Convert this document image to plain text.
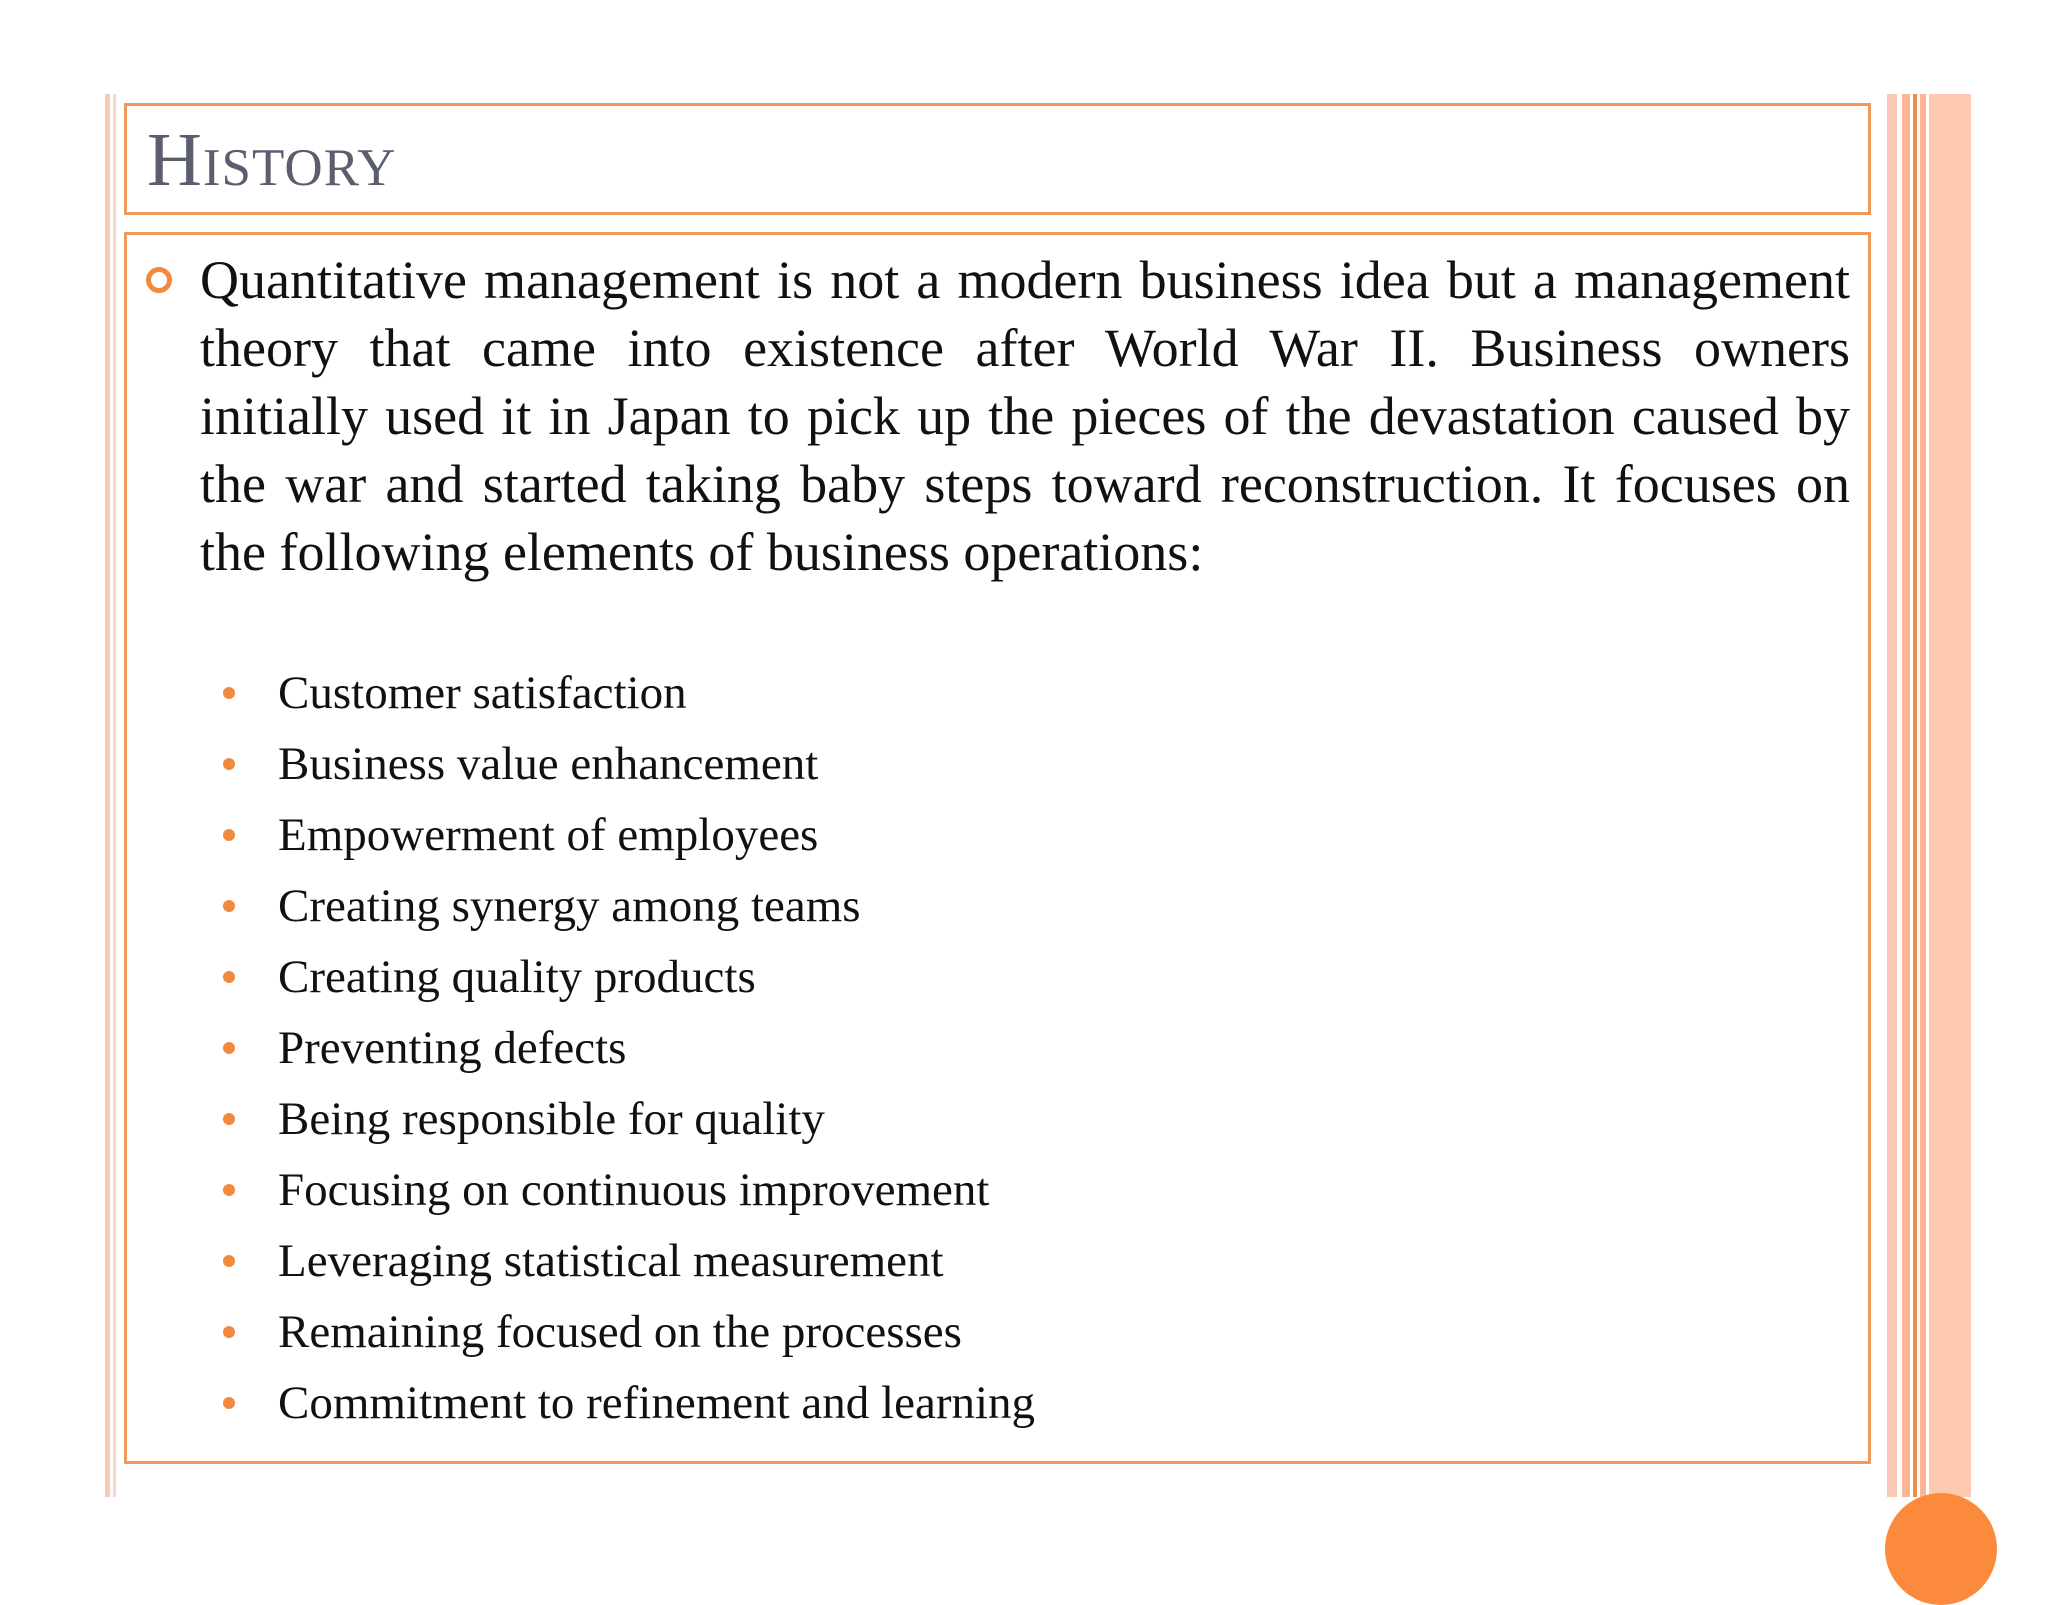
History
Quantitative management is not a modern business idea but a management theory that came into existence after World War II. Business owners initially used it in Japan to pick up the pieces of the devastation caused by the war and started taking baby steps toward reconstruction. It focuses on the following elements of business operations:
Customer satisfaction
Business value enhancement
Empowerment of employees
Creating synergy among teams
Creating quality products
Preventing defects
Being responsible for quality
Focusing on continuous improvement
Leveraging statistical measurement
Remaining focused on the processes
Commitment to refinement and learning
